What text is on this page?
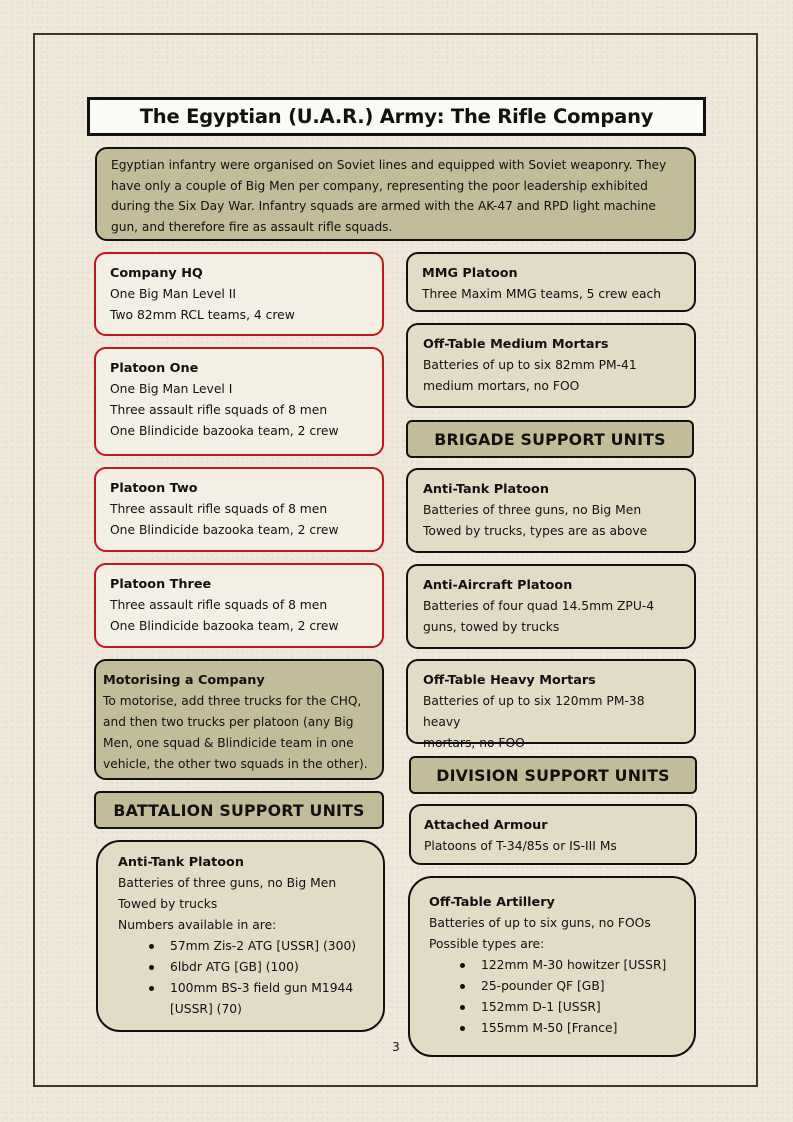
The Egyptian (U.A.R.) Army: The Rifle Company
Egyptian infantry were organised on Soviet lines and equipped with Soviet weaponry. They have only a couple of Big Men per company, representing the poor leadership exhibited during the Six Day War. Infantry squads are armed with the AK-47 and RPD light machine gun, and therefore fire as assault rifle squads.
Company HQ
One Big Man Level II
Two 82mm RCL teams, 4 crew
Platoon One
One Big Man Level I
Three assault rifle squads of 8 men
One Blindicide bazooka team, 2 crew
Platoon Two
Three assault rifle squads of 8 men
One Blindicide bazooka team, 2 crew
Platoon Three
Three assault rifle squads of 8 men
One Blindicide bazooka team, 2 crew
Motorising a Company
To motorise, add three trucks for the CHQ, and then two trucks per platoon (any Big Men, one squad & Blindicide team in one vehicle, the other two squads in the other).
BATTALION SUPPORT UNITS
Anti-Tank Platoon
Batteries of three guns, no Big Men
Towed by trucks
Numbers available in are:
57mm Zis-2 ATG [USSR] (300)
6lbdr ATG [GB] (100)
100mm BS-3 field gun M1944 [USSR] (70)
MMG Platoon
Three Maxim MMG teams, 5 crew each
Off-Table Medium Mortars
Batteries of up to six 82mm PM-41
medium mortars, no FOO
BRIGADE SUPPORT UNITS
Anti-Tank Platoon
Batteries of three guns, no Big Men
Towed by trucks, types are as above
Anti-Aircraft Platoon
Batteries of four quad 14.5mm ZPU-4
guns, towed by trucks
Off-Table Heavy Mortars
Batteries of up to six 120mm PM-38 heavy
mortars, no FOO
DIVISION SUPPORT UNITS
Attached Armour
Platoons of T-34/85s or IS-III Ms
Off-Table Artillery
Batteries of up to six guns, no FOOs
Possible types are:
122mm M-30 howitzer [USSR]
25-pounder QF [GB]
152mm D-1 [USSR]
155mm M-50 [France]
3
